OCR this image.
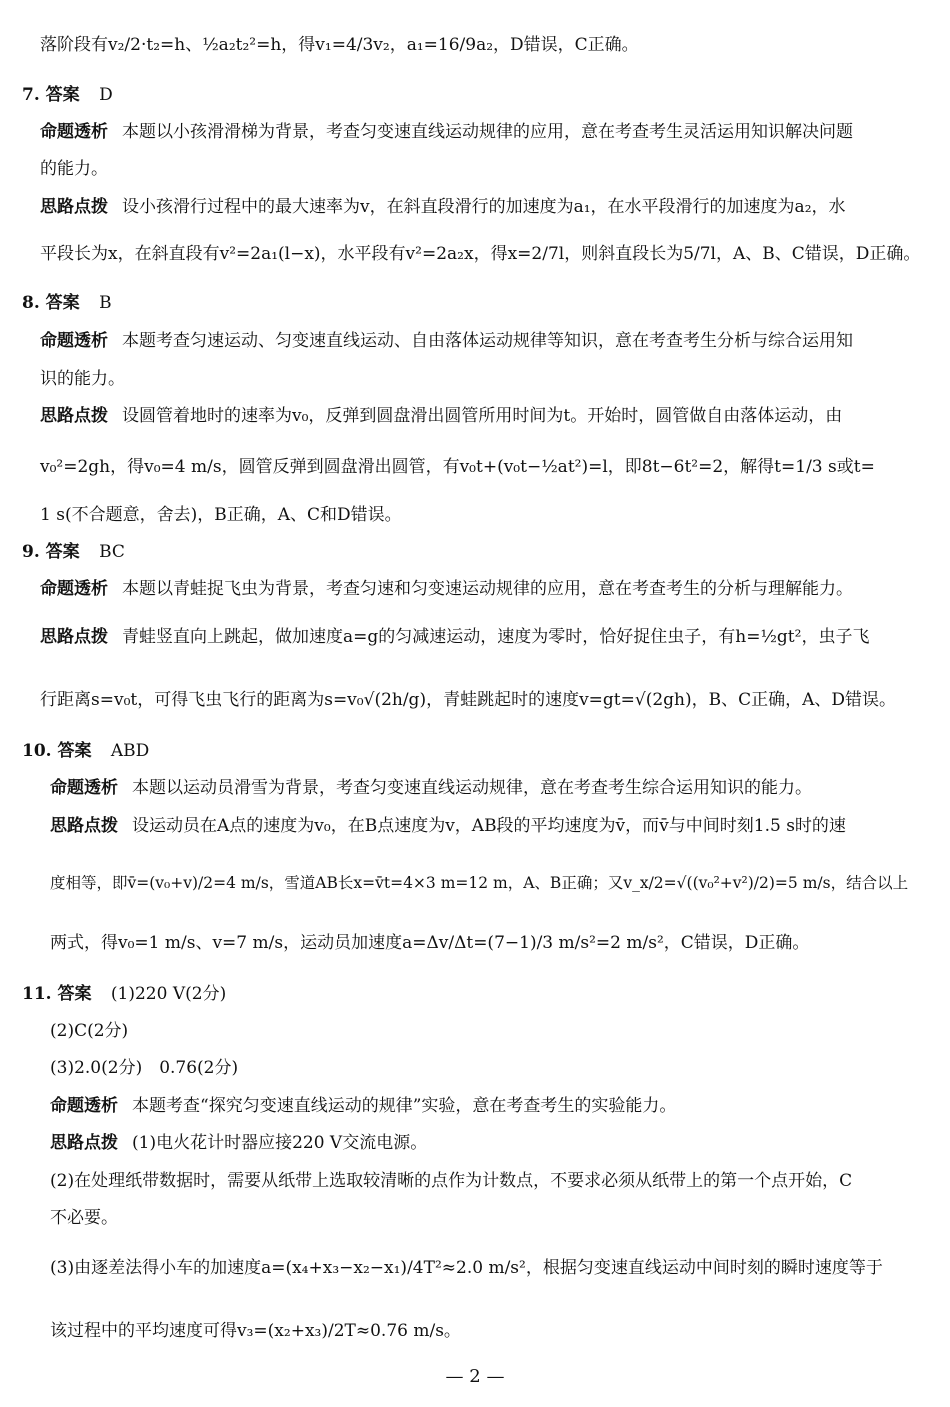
落阶段有v₂/2·t₂=h、½a₂t₂²=h，得v₁=4/3v₂，a₁=16/9a₂，D错误，C正确。
7. 答案 D
命题透析 本题以小孩滑滑梯为背景，考查匀变速直线运动规律的应用，意在考查考生灵活运用知识解决问题
的能力。
思路点拨 设小孩滑行过程中的最大速率为v，在斜直段滑行的加速度为a₁，在水平段滑行的加速度为a₂，水
平段长为x，在斜直段有v²=2a₁(l−x)，水平段有v²=2a₂x，得x=2/7l，则斜直段长为5/7l，A、B、C错误，D正确。
8. 答案 B
命题透析 本题考查匀速运动、匀变速直线运动、自由落体运动规律等知识，意在考查考生分析与综合运用知
识的能力。
思路点拨 设圆管着地时的速率为v₀，反弹到圆盘滑出圆管所用时间为t。开始时，圆管做自由落体运动，由
v₀²=2gh，得v₀=4 m/s，圆管反弹到圆盘滑出圆管，有v₀t+(v₀t−½at²)=l，即8t−6t²=2，解得t=1/3 s或t=
1 s(不合题意，舍去)，B正确，A、C和D错误。
9. 答案 BC
命题透析 本题以青蛙捉飞虫为背景，考查匀速和匀变速运动规律的应用，意在考查考生的分析与理解能力。
思路点拨 青蛙竖直向上跳起，做加速度a=g的匀减速运动，速度为零时，恰好捉住虫子，有h=½gt²，虫子飞
行距离s=v₀t，可得飞虫飞行的距离为s=v₀√(2h/g)，青蛙跳起时的速度v=gt=√(2gh)，B、C正确，A、D错误。
10. 答案 ABD
命题透析 本题以运动员滑雪为背景，考查匀变速直线运动规律，意在考查考生综合运用知识的能力。
思路点拨 设运动员在A点的速度为v₀，在B点速度为v，AB段的平均速度为v̄，而v̄与中间时刻1.5 s时的速
度相等，即v̄=(v₀+v)/2=4 m/s，雪道AB长x=v̄t=4×3 m=12 m，A、B正确；又v_x/2=√((v₀²+v²)/2)=5 m/s，结合以上
两式，得v₀=1 m/s、v=7 m/s，运动员加速度a=Δv/Δt=(7−1)/3 m/s²=2 m/s²，C错误，D正确。
11. 答案 (1)220 V(2分)
(2)C(2分)
(3)2.0(2分)　0.76(2分)
命题透析 本题考查“探究匀变速直线运动的规律”实验，意在考查考生的实验能力。
思路点拨 (1)电火花计时器应接220 V交流电源。
(2)在处理纸带数据时，需要从纸带上选取较清晰的点作为计数点，不要求必须从纸带上的第一个点开始，C
不必要。
(3)由逐差法得小车的加速度a=(x₄+x₃−x₂−x₁)/4T²≈2.0 m/s²，根据匀变速直线运动中间时刻的瞬时速度等于
该过程中的平均速度可得v₃=(x₂+x₃)/2T≈0.76 m/s。
— 2 —
